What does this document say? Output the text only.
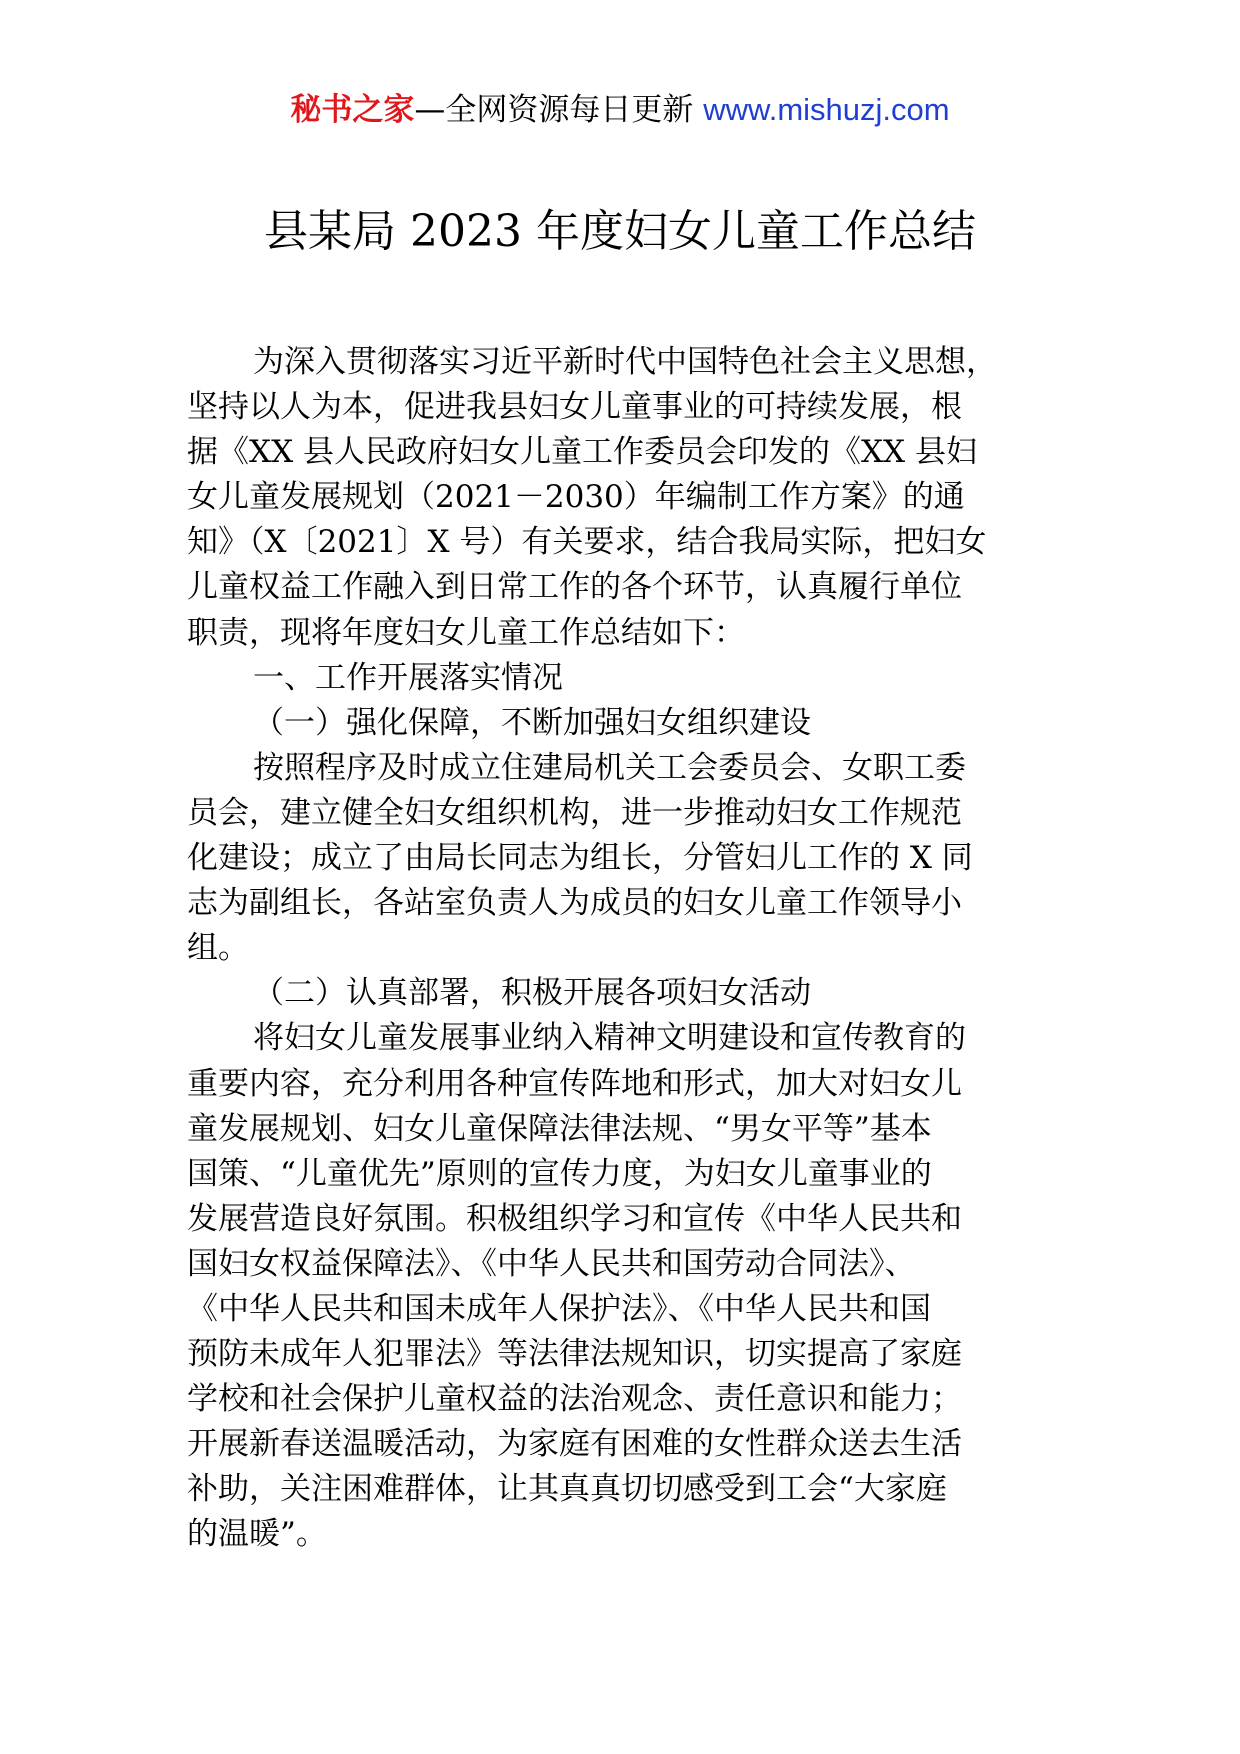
秘书之家—全网资源每日更新 www.mishuzj.com
县某局 2023 年度妇女儿童工作总结
为深入贯彻落实习近平新时代中国特色社会主义思想，
坚持以人为本，促进我县妇女儿童事业的可持续发展，根
据《XX 县人民政府妇女儿童工作委员会印发的《XX 县妇
女儿童发展规划（2021－2030）年编制工作方案》的通
知》（X〔2021〕X 号）有关要求，结合我局实际，把妇女
儿童权益工作融入到日常工作的各个环节，认真履行单位
职责，现将年度妇女儿童工作总结如下：
一、工作开展落实情况
（一）强化保障，不断加强妇女组织建设
按照程序及时成立住建局机关工会委员会、女职工委
员会，建立健全妇女组织机构，进一步推动妇女工作规范
化建设；成立了由局长同志为组长，分管妇儿工作的 X 同
志为副组长，各站室负责人为成员的妇女儿童工作领导小
组。
（二）认真部署，积极开展各项妇女活动
将妇女儿童发展事业纳入精神文明建设和宣传教育的
重要内容，充分利用各种宣传阵地和形式，加大对妇女儿
童发展规划、妇女儿童保障法律法规、“男女平等”基本
国策、“儿童优先”原则的宣传力度，为妇女儿童事业的
发展营造良好氛围。积极组织学习和宣传《中华人民共和
国妇女权益保障法》、《中华人民共和国劳动合同法》、
《中华人民共和国未成年人保护法》、《中华人民共和国
预防未成年人犯罪法》等法律法规知识，切实提高了家庭
学校和社会保护儿童权益的法治观念、责任意识和能力；
开展新春送温暖活动，为家庭有困难的女性群众送去生活
补助，关注困难群体，让其真真切切感受到工会“大家庭
的温暖”。
